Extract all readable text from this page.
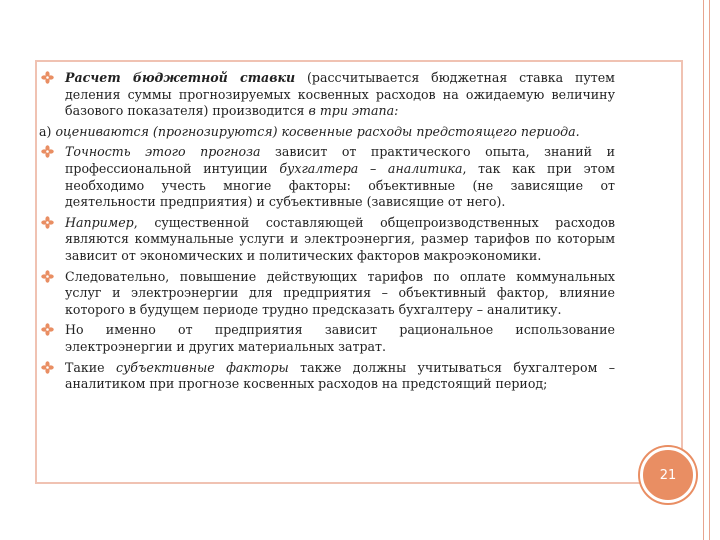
Расчет бюджетной ставки (рассчитывается бюджетная ставка путем деления суммы прогнозируемых косвенных расходов на ожидаемую величину базового показателя) производится в три этапа:
а) оцениваются (прогнозируются) косвенные расходы предстоящего периода.
Точность этого прогноза зависит от практического опыта, знаний и профессиональной интуиции бухгалтера – аналитика, так как при этом необходимо учесть многие факторы: объективные (не зависящие от деятельности предприятия) и субъективные (зависящие от него).
Например, существенной составляющей общепроизводственных расходов являются коммунальные услуги и электроэнергия, размер тарифов по которым зависит от экономических и политических факторов макроэкономики.
Следовательно, повышение действующих тарифов по оплате коммунальных услуг и электроэнергии для предприятия – объективный фактор, влияние которого в будущем периоде трудно предсказать бухгалтеру – аналитику.
Но именно от предприятия зависит рациональное использование электроэнергии и других материальных затрат.
Такие субъективные факторы также должны учитываться бухгалтером – аналитиком при прогнозе косвенных расходов на предстоящий период;
21
